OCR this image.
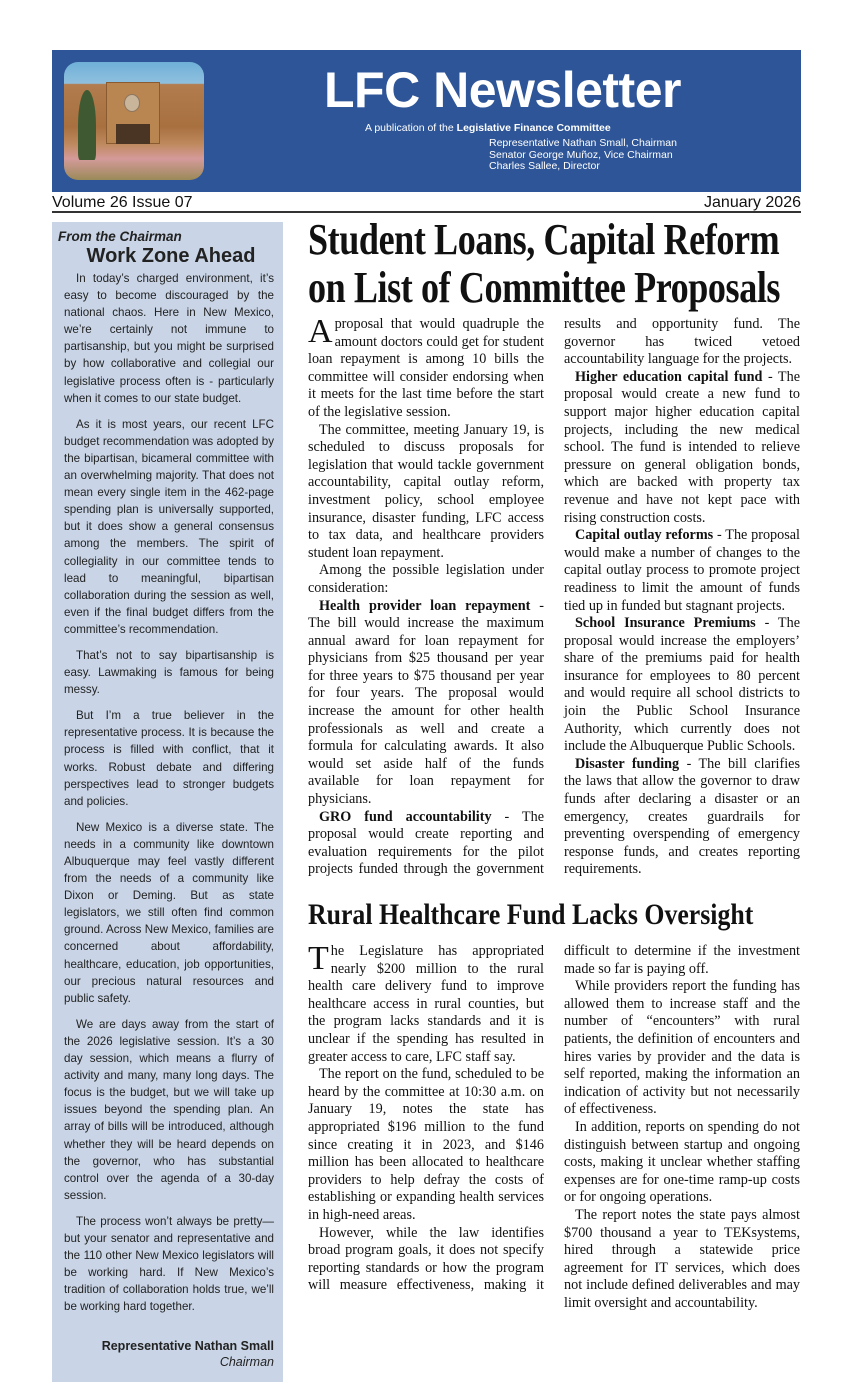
LFC Newsletter
A publication of the Legislative Finance Committee
Representative Nathan Small, Chairman
Senator George Muñoz, Vice Chairman
Charles Sallee, Director
Volume 26 Issue 07	January 2026
From the Chairman
Work Zone Ahead

In today’s charged environment, it’s easy to become discouraged by the national chaos. Here in New Mexico, we’re certainly not immune to partisanship, but you might be surprised by how collaborative and collegial our legislative process often is - particularly when it comes to our state budget.

As it is most years, our recent LFC budget recommendation was adopted by the bipartisan, bicameral committee with an overwhelming majority. That does not mean every single item in the 462-page spending plan is universally supported, but it does show a general consensus among the members. The spirit of collegiality in our committee tends to lead to meaningful, bipartisan collaboration during the session as well, even if the final budget differs from the committee’s recommendation.

That’s not to say bipartisanship is easy. Lawmaking is famous for being messy.

But I’m a true believer in the representative process. It is because the process is filled with conflict, that it works. Robust debate and differing perspectives lead to stronger budgets and policies.

New Mexico is a diverse state. The needs in a community like downtown Albuquerque may feel vastly different from the needs of a community like Dixon or Deming. But as state legislators, we still often find common ground. Across New Mexico, families are concerned about affordability, healthcare, education, job opportunities, our precious natural resources and public safety.

We are days away from the start of the 2026 legislative session. It’s a 30 day session, which means a flurry of activity and many, many long days. The focus is the budget, but we will take up issues beyond the spending plan. An array of bills will be introduced, although whether they will be heard depends on the governor, who has substantial control over the agenda of a 30-day session.

The process won’t always be pretty—but your senator and representative and the 110 other New Mexico legislators will be working hard. If New Mexico’s tradition of collaboration holds true, we’ll be working hard together.

Representative Nathan Small
Chairman
Student Loans, Capital Reform
on List of Committee Proposals

A proposal that would quadruple the amount doctors could get for student loan repayment is among 10 bills the committee will consider endorsing when it meets for the last time before the start of the legislative session.

The committee, meeting January 19, is scheduled to discuss proposals for legislation that would tackle government accountability, capital outlay reform, investment policy, school employee insurance, disaster funding, LFC access to tax data, and healthcare providers student loan repayment.

Among the possible legislation under consideration:

Health provider loan repayment - The bill would increase the maximum annual award for loan repayment for physicians from $25 thousand per year for three years to $75 thousand per year for four years. The proposal would increase the amount for other health professionals as well and create a formula for calculating awards. It also would set aside half of the funds available for loan repayment for physicians.

GRO fund accountability - The proposal would create reporting and evaluation requirements for the pilot projects funded through the government results and opportunity fund. The governor has twiced vetoed accountability language for the projects.

Higher education capital fund - The proposal would create a new fund to support major higher education capital projects, including the new medical school. The fund is intended to relieve pressure on general obligation bonds, which are backed with property tax revenue and have not kept pace with rising construction costs.

Capital outlay reforms - The proposal would make a number of changes to the capital outlay process to promote project readiness to limit the amount of funds tied up in funded but stagnant projects.

School Insurance Premiums - The proposal would increase the employers’ share of the premiums paid for health insurance for employees to 80 percent and would require all school districts to join the Public School Insurance Authority, which currently does not include the Albuquerque Public Schools.

Disaster funding - The bill clarifies the laws that allow the governor to draw funds after declaring a disaster or an emergency, creates guardrails for preventing overspending of emergency response funds, and creates reporting requirements.

Rural Healthcare Fund Lacks Oversight

The Legislature has appropriated nearly $200 million to the rural health care delivery fund to improve healthcare access in rural counties, but the program lacks standards and it is unclear if the spending has resulted in greater access to care, LFC staff say.

The report on the fund, scheduled to be heard by the committee at 10:30 a.m. on January 19, notes the state has appropriated $196 million to the fund since creating it in 2023, and $146 million has been allocated to healthcare providers to help defray the costs of establishing or expanding health services in high-need areas.

However, while the law identifies broad program goals, it does not specify reporting standards or how the program will measure effectiveness, making it difficult to determine if the investment made so far is paying off.

While providers report the funding has allowed them to increase staff and the number of “encounters” with rural patients, the definition of encounters and hires varies by provider and the data is self reported, making the information an indication of activity but not necessarily of effectiveness.

In addition, reports on spending do not distinguish between startup and ongoing costs, making it unclear whether staffing expenses are for one-time ramp-up costs or for ongoing operations.

The report notes the state pays almost $700 thousand a year to TEKsystems, hired through a statewide price agreement for IT services, which does not include defined deliverables and may limit oversight and accountability.
